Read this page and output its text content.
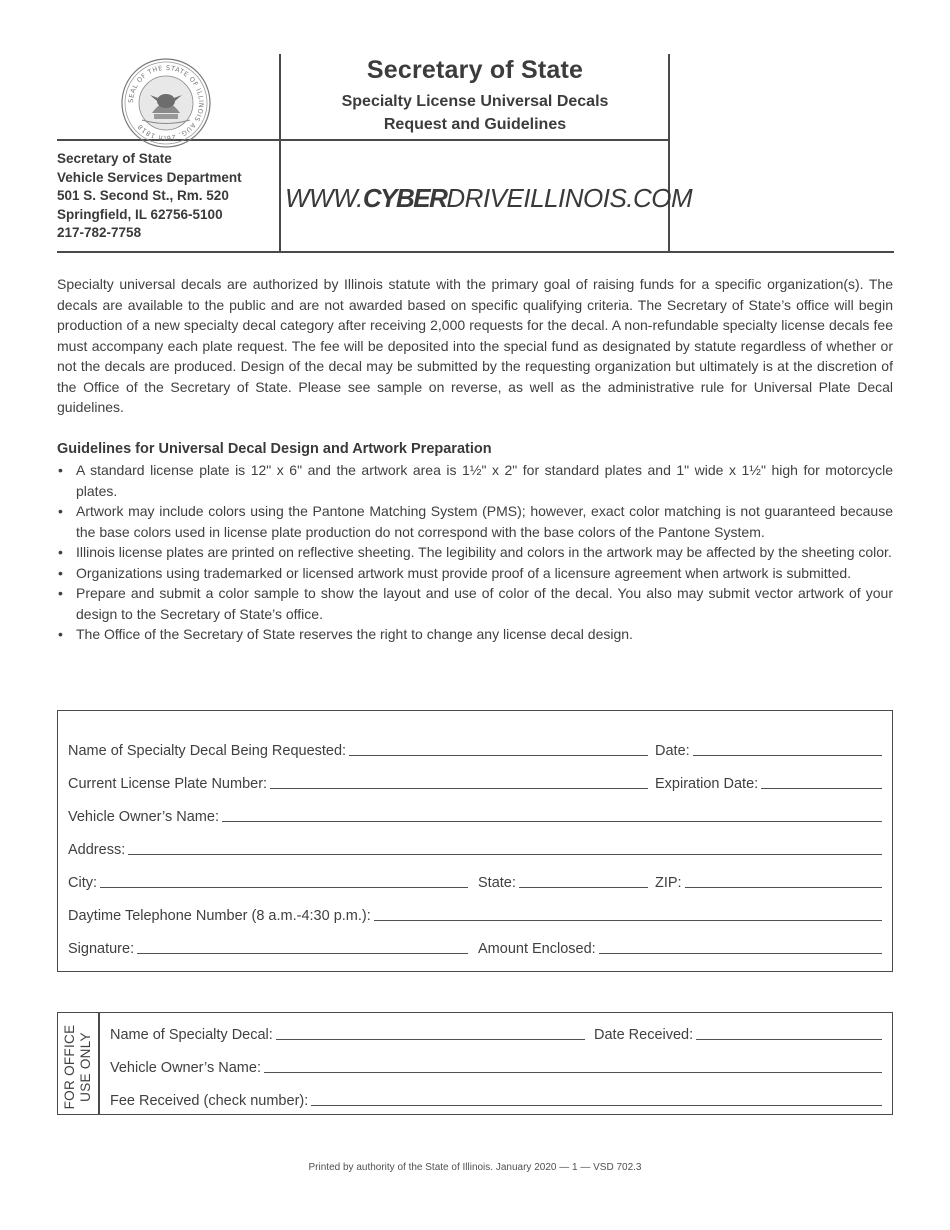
SEAL OF THE STATE OF ILLINOIS AUG. 26th 1818
Secretary of State
Specialty License Universal Decals
Request and Guidelines
Secretary of State
Vehicle Services Department
501 S. Second St., Rm. 520
Springfield, IL 62756-5100
217-782-7758
WWW.CYBERDRIVEILLINOIS.COM
Specialty universal decals are authorized by Illinois statute with the primary goal of raising funds for a specific organization(s). The decals are available to the public and are not awarded based on specific qualifying criteria. The Secretary of State’s office will begin production of a new specialty decal category after receiving 2,000 requests for the decal. A non-refundable specialty license decals fee must accompany each plate request. The fee will be deposited into the special fund as designated by statute regardless of whether or not the decals are produced. Design of the decal may be submitted by the requesting organization but ultimately is at the discretion of the Office of the Secretary of State. Please see sample on reverse, as well as the administrative rule for Universal Plate Decal guidelines.
Guidelines for Universal Decal Design and Artwork Preparation
• A standard license plate is 12" x 6" and the artwork area is 1½" x 2" for standard plates and 1" wide x 1½" high for motorcycle plates.
• Artwork may include colors using the Pantone Matching System (PMS); however, exact color matching is not guaranteed because the base colors used in license plate production do not correspond with the base colors of the Pantone System.
• Illinois license plates are printed on reflective sheeting. The legibility and colors in the artwork may be affected by the sheeting color.
• Organizations using trademarked or licensed artwork must provide proof of a licensure agreement when artwork is submitted.
• Prepare and submit a color sample to show the layout and use of color of the decal. You also may submit vector artwork of your design to the Secretary of State’s office.
• The Office of the Secretary of State reserves the right to change any license decal design.
Name of Specialty Decal Being Requested:	Date:
Current License Plate Number:	Expiration Date:
Vehicle Owner’s Name:
Address:
City:	State:	ZIP:
Daytime Telephone Number (8 a.m.-4:30 p.m.):
Signature:	Amount Enclosed:
FOR OFFICE
USE ONLY Name of Specialty Decal:	Date Received:
Vehicle Owner’s Name:
Fee Received (check number):
Printed by authority of the State of Illinois. January 2020 — 1 — VSD 702.3
